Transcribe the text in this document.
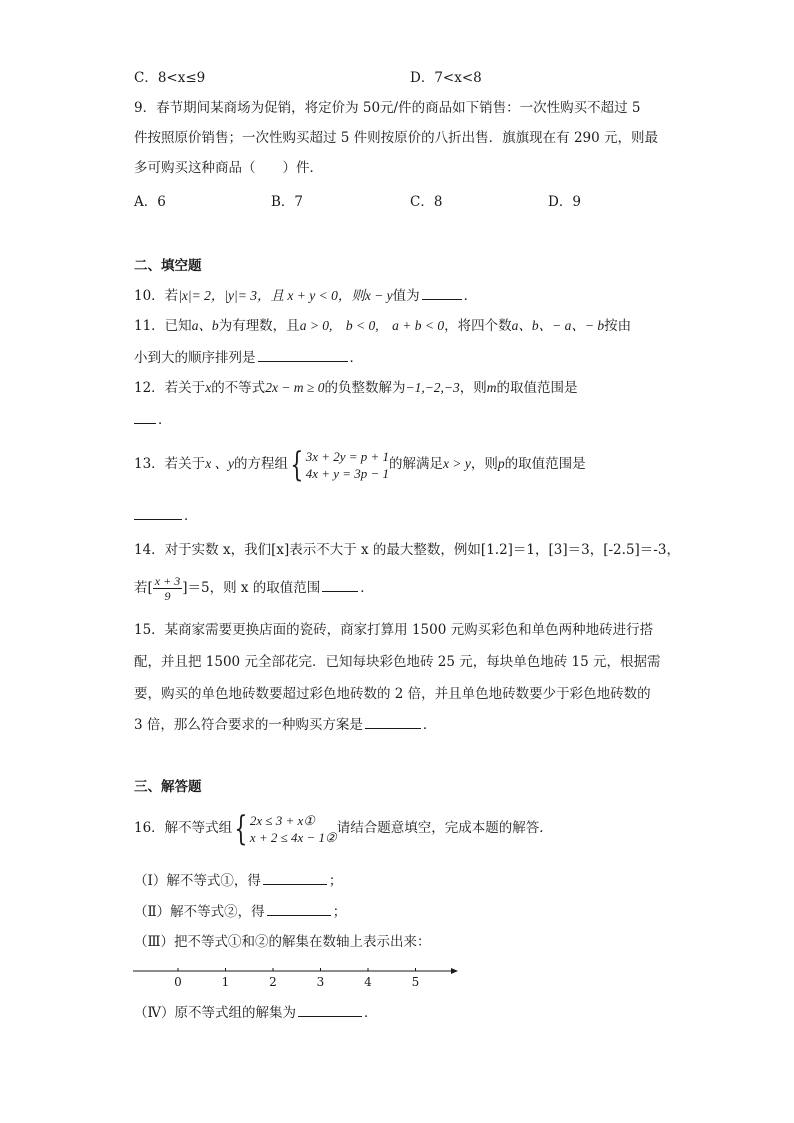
C．8<x≤9	D．7<x<8
9．春节期间某商场为促销，将定价为 50元/件的商品如下销售：一次性购买不超过 5
件按照原价销售；一次性购买超过 5 件则按原价的八折出售．旗旗现在有 290 元，则最
多可购买这种商品（　　）件．
A．6	B．7	C．8	D．9
二、填空题
10．若|x|= 2，|y|= 3，且 x + y < 0，则x − y值为	．
11．已知a、b为有理数，且a > 0,　b < 0,　a + b < 0，将四个数a、b、− a、− b按由
小到大的顺序排列是	．
12．若关于x的不等式2x − m ≥ 0的负整数解为−1,−2,−3，则m的取值范围是
．
13．若关于x 、y的方程组{ 3x + 2y = p + 1
4x + y = 3p − 1
的解满足x > y，则p的取值范围是
．
14．对于实数 x，我们[x]表示不大于 x 的最大整数，例如[1.2]＝1，[3]＝3，[-2.5]＝-3，
若[ $\frac{x + 3}{9} ]=5$，则 x 的取值范围	．
15．某商家需要更换店面的瓷砖，商家打算用 1500 元购买彩色和单色两种地砖进行搭
配，并且把 1500 元全部花完．已知每块彩色地砖 25 元，每块单色地砖 15 元，根据需
要，购买的单色地砖数要超过彩色地砖数的 2 倍，并且单色地砖数要少于彩色地砖数的
3 倍，那么符合要求的一种购买方案是	．
三、解答题
16．解不等式组{ 2x ≤ 3 + x①
x + 2 ≤ 4x − 1②
请结合题意填空，完成本题的解答．
（Ⅰ）解不等式①，得	；
（Ⅱ）解不等式②，得	；
（Ⅲ）把不等式①和②的解集在数轴上表示出来：
0	1	2	3	4	5
（Ⅳ）原不等式组的解集为	．
